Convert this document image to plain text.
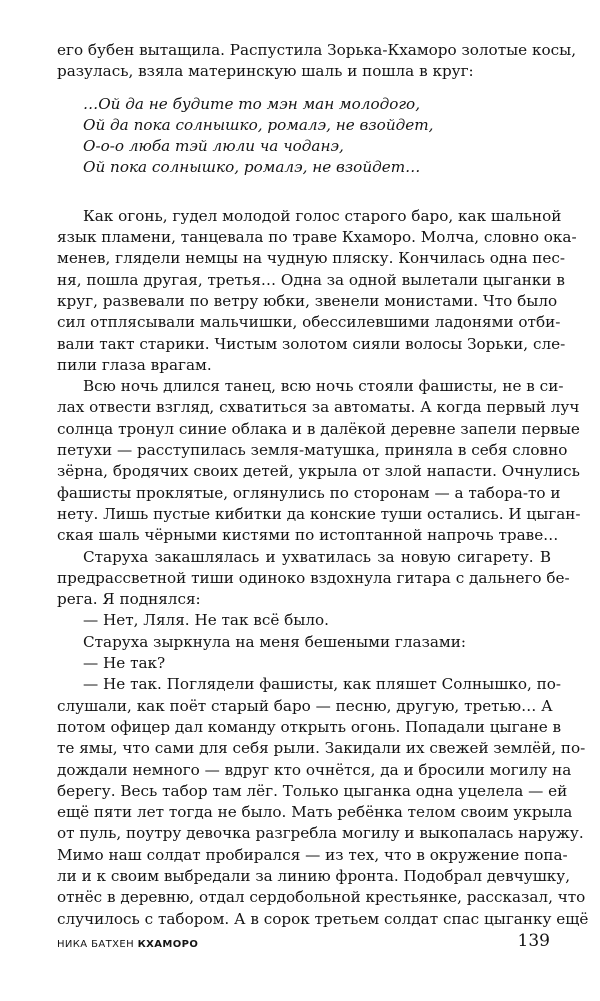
его бубен вытащила. Распустила Зорька-Кхаморо золотые косы,
разулась, взяла материнскую шаль и пошла в круг:
…Ой да не будите то мэн ман молодого,
Ой да пока солнышко, ромалэ, не взойдет,
О-о-о люба тэй люли ча чоданэ,
Ой пока солнышко, ромалэ, не взойдет…
Как огонь, гудел молодой голос старого баро, как шальной
язык пламени, танцевала по траве Кхаморо. Молча, словно ока-
менев, глядели немцы на чудную пляску. Кончилась одна пес-
ня, пошла другая, третья… Одна за одной вылетали цыганки в
круг, развевали по ветру юбки, звенели монистами. Что было
сил отплясывали мальчишки, обессилевшими ладонями отби-
вали такт старики. Чистым золотом сияли волосы Зорьки, сле-
пили глаза врагам.
Всю ночь длился танец, всю ночь стояли фашисты, не в си-
лах отвести взгляд, схватиться за автоматы. А когда первый луч
солнца тронул синие облака и в далёкой деревне запели первые
петухи — расступилась земля-матушка, приняла в себя словно
зёрна, бродячих своих детей, укрыла от злой напасти. Очнулись
фашисты проклятые, оглянулись по сторонам — а табора-то и
нету. Лишь пустые кибитки да конские туши остались. И цыган-
ская шаль чёрными кистями по истоптанной напрочь траве…
Старуха закашлялась и ухватилась за новую сигарету. В
предрассветной тиши одиноко вздохнула гитара с дальнего бе-
рега. Я поднялся:
— Нет, Ляля. Не так всё было.
Старуха зыркнула на меня бешеными глазами:
— Не так?
— Не так. Поглядели фашисты, как пляшет Солнышко, по-
слушали, как поёт старый баро — песню, другую, третью… А
потом офицер дал команду открыть огонь. Попадали цыгане в
те ямы, что сами для себя рыли. Закидали их свежей землёй, по-
дождали немного — вдруг кто очнётся, да и бросили могилу на
берегу. Весь табор там лёг. Только цыганка одна уцелела — ей
ещё пяти лет тогда не было. Мать ребёнка телом своим укрыла
от пуль, поутру девочка разгребла могилу и выкопалась наружу.
Мимо наш солдат пробирался — из тех, что в окружение попа-
ли и к своим выбредали за линию фронта. Подобрал девчушку,
отнёс в деревню, отдал сердобольной крестьянке, рассказал, что
случилось с табором. А в сорок третьем солдат спас цыганку ещё
НИКА БАТХЕН КХАМОРО	139
